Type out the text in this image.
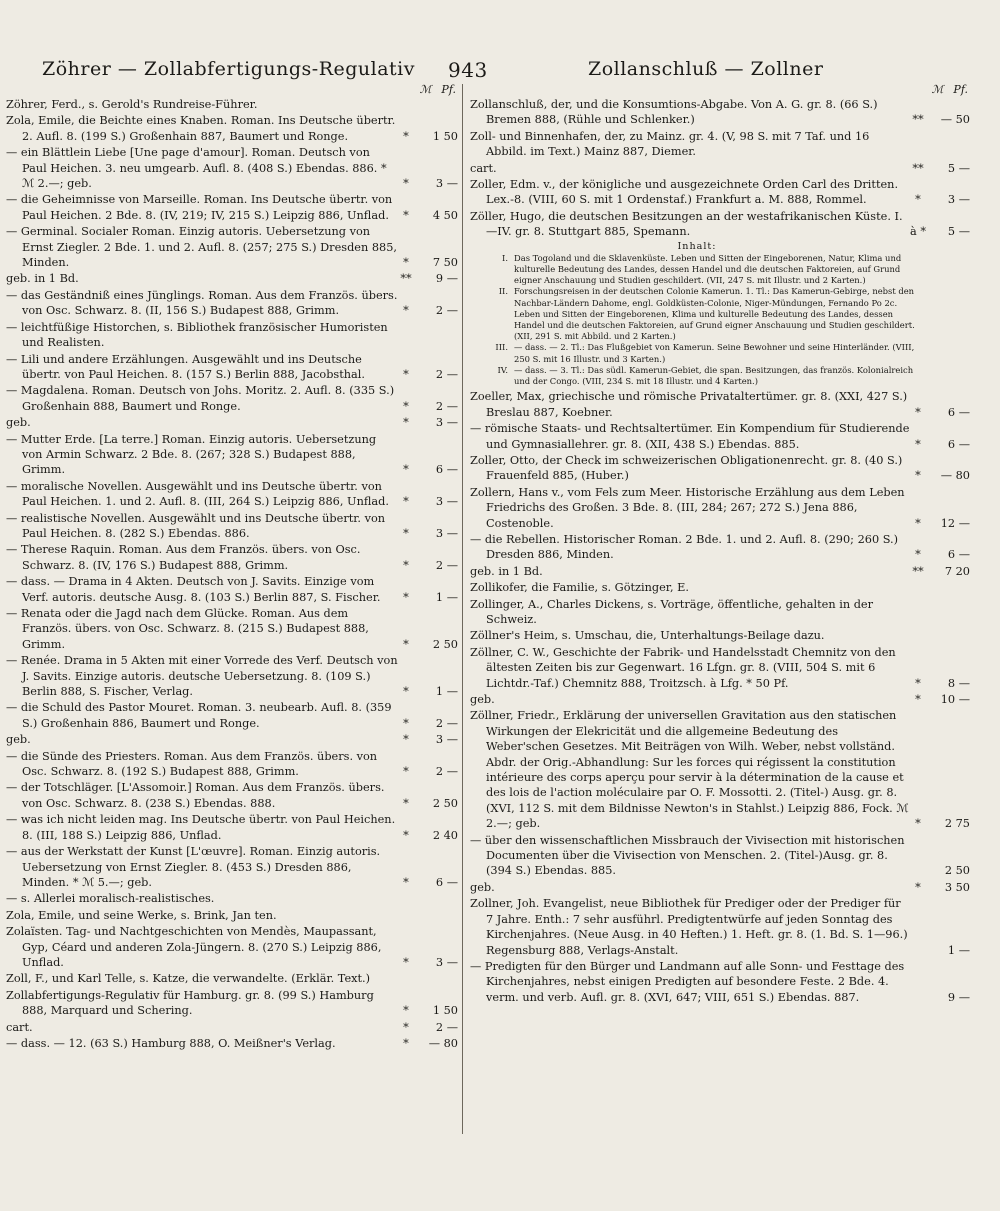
Zöhrer — Zollabfertigungs-Regulativ 943	Zollanschluß — Zollner
ℳ Pf.
Zöhrer, Ferd., s. Gerold's Rundreise-Führer.
Zola, Emile, die Beichte eines Knaben. Roman. Ins Deutsche übertr. 2. Aufl. 8. (199 S.) Großenhain 887, Baumert und Ronge.	*	1 50
— ein Blättlein Liebe [Une page d'amour]. Roman. Deutsch von Paul Heichen. 3. neu umgearb. Aufl. 8. (408 S.) Ebendas. 886. * ℳ 2.—; geb.	*	3 —
— die Geheimnisse von Marseille. Roman. Ins Deutsche übertr. von Paul Heichen. 2 Bde. 8. (IV, 219; IV, 215 S.) Leipzig 886, Unflad.	*	4 50
— Germinal. Socialer Roman. Einzig autoris. Uebersetzung von Ernst Ziegler. 2 Bde. 1. und 2. Aufl. 8. (257; 275 S.) Dresden 885, Minden.	*	7 50
geb. in 1 Bd.	**	9 —
— das Geständniß eines Jünglings. Roman. Aus dem Französ. übers. von Osc. Schwarz. 8. (II, 156 S.) Budapest 888, Grimm.	*	2 —
— leichtfüßige Historchen, s. Bibliothek französischer Humoristen und Realisten.
— Lili und andere Erzählungen. Ausgewählt und ins Deutsche übertr. von Paul Heichen. 8. (157 S.) Berlin 888, Jacobsthal.	*	2 —
— Magdalena. Roman. Deutsch von Johs. Moritz. 2. Aufl. 8. (335 S.) Großenhain 888, Baumert und Ronge.	*	2 —
geb.	*	3 —
— Mutter Erde. [La terre.] Roman. Einzig autoris. Uebersetzung von Armin Schwarz. 2 Bde. 8. (267; 328 S.) Budapest 888, Grimm.	*	6 —
— moralische Novellen. Ausgewählt und ins Deutsche übertr. von Paul Heichen. 1. und 2. Aufl. 8. (III, 264 S.) Leipzig 886, Unflad.	*	3 —
— realistische Novellen. Ausgewählt und ins Deutsche übertr. von Paul Heichen. 8. (282 S.) Ebendas. 886.	*	3 —
— Therese Raquin. Roman. Aus dem Französ. übers. von Osc. Schwarz. 8. (IV, 176 S.) Budapest 888, Grimm.	*	2 —
— dass. — Drama in 4 Akten. Deutsch von J. Savits. Einzige vom Verf. autoris. deutsche Ausg. 8. (103 S.) Berlin 887, S. Fischer.	*	1 —
— Renata oder die Jagd nach dem Glücke. Roman. Aus dem Französ. übers. von Osc. Schwarz. 8. (215 S.) Budapest 888, Grimm.	*	2 50
— Renée. Drama in 5 Akten mit einer Vorrede des Verf. Deutsch von J. Savits. Einzige autoris. deutsche Uebersetzung. 8. (109 S.) Berlin 888, S. Fischer, Verlag.	*	1 —
— die Schuld des Pastor Mouret. Roman. 3. neubearb. Aufl. 8. (359 S.) Großenhain 886, Baumert und Ronge.	*	2 —
geb.	*	3 —
— die Sünde des Priesters. Roman. Aus dem Französ. übers. von Osc. Schwarz. 8. (192 S.) Budapest 888, Grimm.	*	2 —
— der Totschläger. [L'Assomoir.] Roman. Aus dem Französ. übers. von Osc. Schwarz. 8. (238 S.) Ebendas. 888.	*	2 50
— was ich nicht leiden mag. Ins Deutsche übertr. von Paul Heichen. 8. (III, 188 S.) Leipzig 886, Unflad.	*	2 40
— aus der Werkstatt der Kunst [L'œuvre]. Roman. Einzig autoris. Uebersetzung von Ernst Ziegler. 8. (453 S.) Dresden 886, Minden. * ℳ 5.—; geb.	*	6 —
— s. Allerlei moralisch-realistisches.
Zola, Emile, und seine Werke, s. Brink, Jan ten.
Zolaïsten. Tag- und Nachtgeschichten von Mendès, Maupassant, Gyp, Céard und anderen Zola-Jüngern. 8. (270 S.) Leipzig 886, Unflad.	*	3 —
Zoll, F., und Karl Telle, s. Katze, die verwandelte. (Erklär. Text.)
Zollabfertigungs-Regulativ für Hamburg. gr. 8. (99 S.) Hamburg 888, Marquard und Schering.	*	1 50
cart.	*	2 —
— dass. — 12. (63 S.) Hamburg 888, O. Meißner's Verlag.	*	— 80
ℳ Pf.
Zollanschluß, der, und die Konsumtions-Abgabe. Von A. G. gr. 8. (66 S.) Bremen 888, (Rühle und Schlenker.)	**	— 50
Zoll- und Binnenhafen, der, zu Mainz. gr. 4. (V, 98 S. mit 7 Taf. und 16 Abbild. im Text.) Mainz 887, Diemer.
cart.	**	5 —
Zoller, Edm. v., der königliche und ausgezeichnete Orden Carl des Dritten. Lex.-8. (VIII, 60 S. mit 1 Ordenstaf.) Frankfurt a. M. 888, Rommel.	*	3 —
Zöller, Hugo, die deutschen Besitzungen an der westafrikanischen Küste. I.—IV. gr. 8. Stuttgart 885, Spemann.	à *	5 —
Inhalt:
I. Das Togoland und die Sklavenküste. Leben und Sitten der Eingeborenen, Natur, Klima und kulturelle Bedeutung des Landes, dessen Handel und die deutschen Faktoreien, auf Grund eigner Anschauung und Studien geschildert. (VII, 247 S. mit Illustr. und 2 Karten.)
II. Forschungsreisen in der deutschen Colonie Kamerun. 1. Tl.: Das Kamerun-Gebirge, nebst den Nachbar-Ländern Dahome, engl. Goldküsten-Colonie, Niger-Mündungen, Fernando Po 2c. Leben und Sitten der Eingeborenen, Klima und kulturelle Bedeutung des Landes, dessen Handel und die deutschen Faktoreien, auf Grund eigner Anschauung und Studien geschildert. (XII, 291 S. mit Abbild. und 2 Karten.)
III. — dass. — 2. Tl.: Das Flußgebiet von Kamerun. Seine Bewohner und seine Hinterländer. (VIII, 250 S. mit 16 Illustr. und 3 Karten.)
IV. — dass. — 3. Tl.: Das südl. Kamerun-Gebiet, die span. Besitzungen, das französ. Kolonialreich und der Congo. (VIII, 234 S. mit 18 Illustr. und 4 Karten.)
Zoeller, Max, griechische und römische Privataltertümer. gr. 8. (XXI, 427 S.) Breslau 887, Koebner.	*	6 —
— römische Staats- und Rechtsaltertümer. Ein Kompendium für Studierende und Gymnasiallehrer. gr. 8. (XII, 438 S.) Ebendas. 885.	*	6 —
Zoller, Otto, der Check im schweizerischen Obligationenrecht. gr. 8. (40 S.) Frauenfeld 885, (Huber.)	*	— 80
Zollern, Hans v., vom Fels zum Meer. Historische Erzählung aus dem Leben Friedrichs des Großen. 3 Bde. 8. (III, 284; 267; 272 S.) Jena 886, Costenoble.	*	12 —
— die Rebellen. Historischer Roman. 2 Bde. 1. und 2. Aufl. 8. (290; 260 S.) Dresden 886, Minden.	*	6 —
geb. in 1 Bd.	**	7 20
Zollikofer, die Familie, s. Götzinger, E.
Zollinger, A., Charles Dickens, s. Vorträge, öffentliche, gehalten in der Schweiz.
Zöllner's Heim, s. Umschau, die, Unterhaltungs-Beilage dazu.
Zöllner, C. W., Geschichte der Fabrik- und Handelsstadt Chemnitz von den ältesten Zeiten bis zur Gegenwart. 16 Lfgn. gr. 8. (VIII, 504 S. mit 6 Lichtdr.-Taf.) Chemnitz 888, Troitzsch. à Lfg. * 50 Pf.	*	8 —
geb.	*	10 —
Zöllner, Friedr., Erklärung der universellen Gravitation aus den statischen Wirkungen der Elekricität und die allgemeine Bedeutung des Weber'schen Gesetzes. Mit Beiträgen von Wilh. Weber, nebst vollständ. Abdr. der Orig.-Abhandlung: Sur les forces qui régissent la constitution intérieure des corps aperçu pour servir à la détermination de la cause et des lois de l'action moléculaire par O. F. Mossotti. 2. (Titel-) Ausg. gr. 8. (XVI, 112 S. mit dem Bildnisse Newton's in Stahlst.) Leipzig 886, Fock. ℳ 2.—; geb.	*	2 75
— über den wissenschaftlichen Missbrauch der Vivisection mit historischen Documenten über die Vivisection von Menschen. 2. (Titel-)Ausg. gr. 8. (394 S.) Ebendas. 885.	2 50
geb.	*	3 50
Zollner, Joh. Evangelist, neue Bibliothek für Prediger oder der Prediger für 7 Jahre. Enth.: 7 sehr ausführl. Predigtentwürfe auf jeden Sonntag des Kirchenjahres. (Neue Ausg. in 40 Heften.) 1. Heft. gr. 8. (1. Bd. S. 1—96.) Regensburg 888, Verlags-Anstalt.	1 —
— Predigten für den Bürger und Landmann auf alle Sonn- und Festtage des Kirchenjahres, nebst einigen Predigten auf besondere Feste. 2 Bde. 4. verm. und verb. Aufl. gr. 8. (XVI, 647; VIII, 651 S.) Ebendas. 887.	9 —
